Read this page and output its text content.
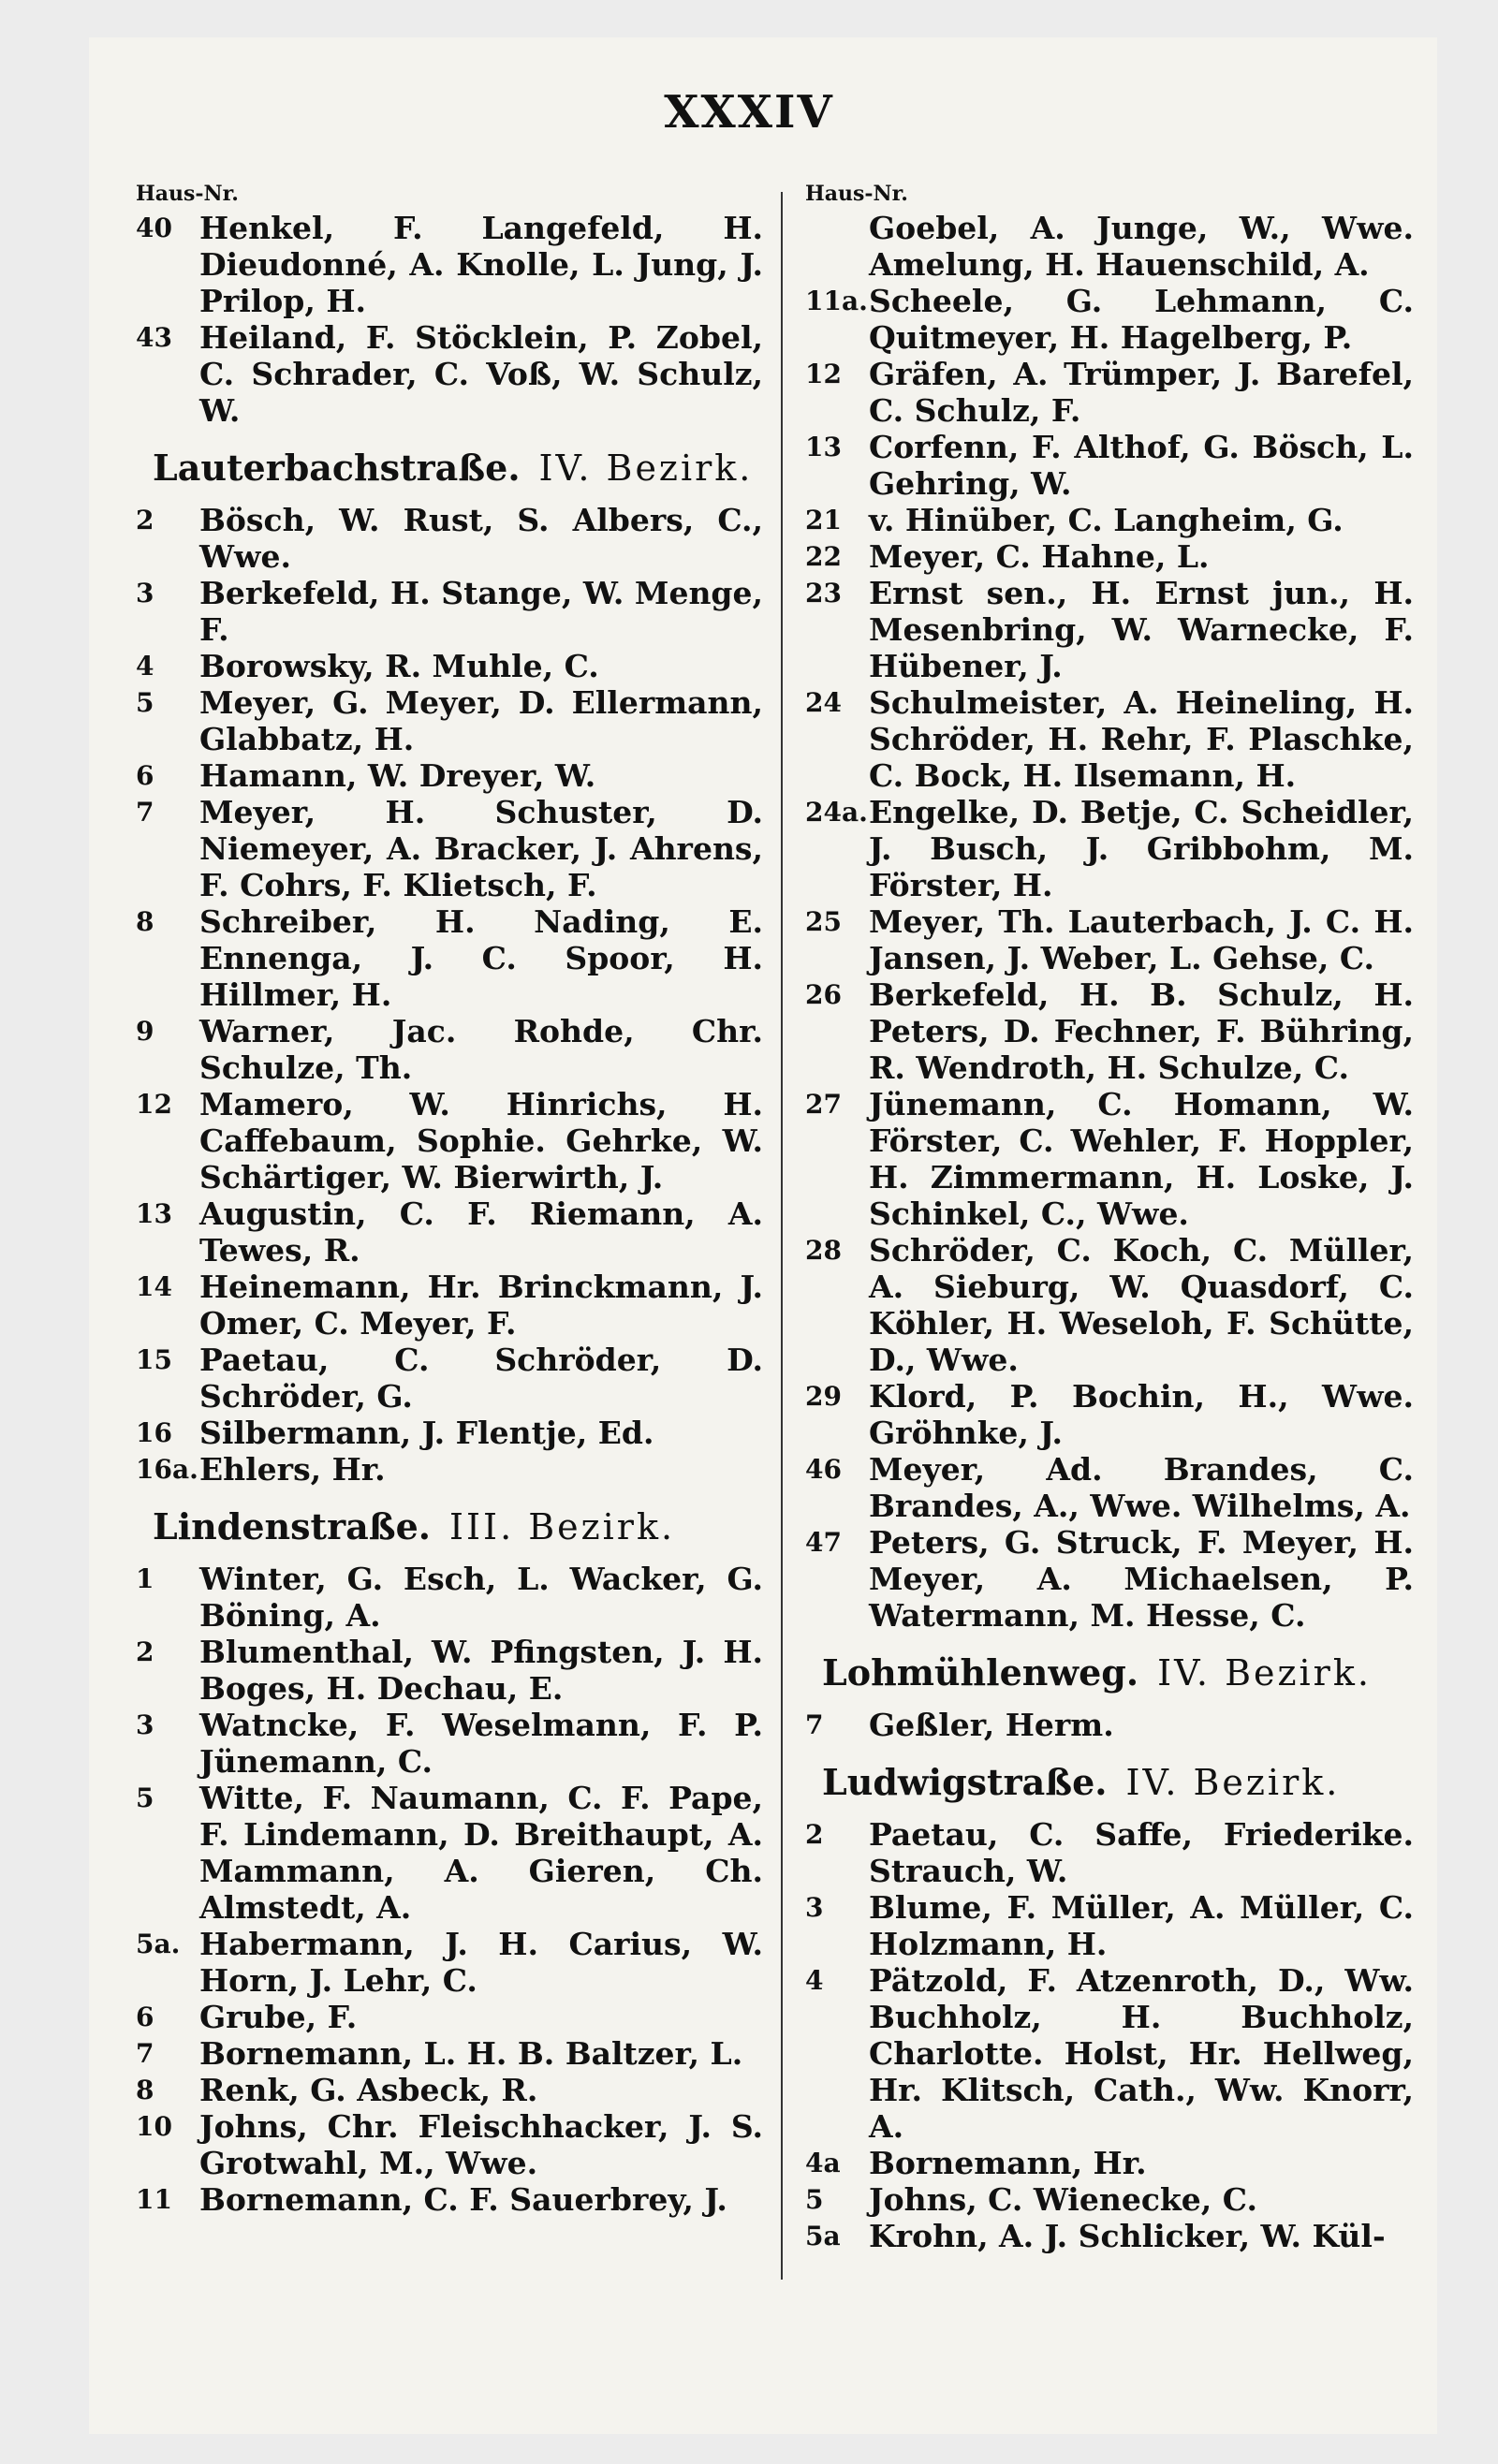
XXXIV
Haus-Nr.
40 Henkel, F. Langefeld, H. Dieudonné, A. Knolle, L. Jung, J. Prilop, H.
43 Heiland, F. Stöcklein, P. Zobel, C. Schrader, C. Voß, W. Schulz, W.
Lauterbachstraße. IV. Bezirk.
2	Bösch, W. Rust, S. Albers, C., Wwe.
3	Berkefeld, H. Stange, W. Menge, F.
4	Borowsky, R. Muhle, C.
5	Meyer, G. Meyer, D. Ellermann, Glabbatz, H.
6	Hamann, W. Dreyer, W.
7	Meyer, H. Schuster, D. Niemeyer, A. Bracker, J. Ahrens, F. Cohrs, F. Klietsch, F.
8	Schreiber, H. Nading, E. Ennenga, J. C. Spoor, H. Hillmer, H.
9	Warner, Jac. Rohde, Chr. Schulze, Th.
12 Mamero, W. Hinrichs, H. Caffebaum, Sophie. Gehrke, W. Schärtiger, W. Bierwirth, J.
13 Augustin, C. F. Riemann, A. Tewes, R.
14 Heinemann, Hr. Brinckmann, J. Omer, C. Meyer, F.
15 Paetau, C. Schröder, D. Schröder, G.
16 Silbermann, J. Flentje, Ed.
16a. Ehlers, Hr.
Lindenstraße. III. Bezirk.
1	Winter, G. Esch, L. Wacker, G. Böning, A.
2	Blumenthal, W. Pfingsten, J. H. Boges, H. Dechau, E.
3	Watncke, F. Weselmann, F. P. Jünemann, C.
5	Witte, F. Naumann, C. F. Pape, F. Lindemann, D. Breithaupt, A. Mammann, A. Gieren, Ch. Almstedt, A.
5a. Habermann, J. H. Carius, W. Horn, J. Lehr, C.
6	Grube, F.
7	Bornemann, L. H. B. Baltzer, L.
8	Renk, G. Asbeck, R.
10 Johns, Chr. Fleischhacker, J. S. Grotwahl, M., Wwe.
11 Bornemann, C. F. Sauerbrey, J.
Haus-Nr.
Goebel, A. Junge, W., Wwe. Amelung, H. Hauenschild, A.
11a. Scheele, G. Lehmann, C. Quitmeyer, H. Hagelberg, P.
12 Gräfen, A. Trümper, J. Barefel, C. Schulz, F.
13 Corfenn, F. Althof, G. Bösch, L. Gehring, W.
21 v. Hinüber, C. Langheim, G.
22 Meyer, C. Hahne, L.
23 Ernst sen., H. Ernst jun., H. Mesenbring, W. Warnecke, F. Hübener, J.
24 Schulmeister, A. Heineling, H. Schröder, H. Rehr, F. Plaschke, C. Bock, H. Ilsemann, H.
24a. Engelke, D. Betje, C. Scheidler, J. Busch, J. Gribbohm, M. Förster, H.
25 Meyer, Th. Lauterbach, J. C. H. Jansen, J. Weber, L. Gehse, C.
26 Berkefeld, H. B. Schulz, H. Peters, D. Fechner, F. Bühring, R. Wendroth, H. Schulze, C.
27 Jünemann, C. Homann, W. Förster, C. Wehler, F. Hoppler, H. Zimmermann, H. Loske, J. Schinkel, C., Wwe.
28 Schröder, C. Koch, C. Müller, A. Sieburg, W. Quasdorf, C. Köhler, H. Weseloh, F. Schütte, D., Wwe.
29 Klord, P. Bochin, H., Wwe. Gröhnke, J.
46 Meyer, Ad. Brandes, C. Brandes, A., Wwe. Wilhelms, A.
47 Peters, G. Struck, F. Meyer, H. Meyer, A. Michaelsen, P. Watermann, M. Hesse, C.
Lohmühlenweg. IV. Bezirk.
7	Geßler, Herm.
Ludwigstraße. IV. Bezirk.
2	Paetau, C. Saffe, Friederike. Strauch, W.
3	Blume, F. Müller, A. Müller, C. Holzmann, H.
4	Pätzold, F. Atzenroth, D., Ww. Buchholz, H. Buchholz, Charlotte. Holst, Hr. Hellweg, Hr. Klitsch, Cath., Ww. Knorr, A.
4a Bornemann, Hr.
5	Johns, C. Wienecke, C.
5a Krohn, A. J. Schlicker, W. Kül-
